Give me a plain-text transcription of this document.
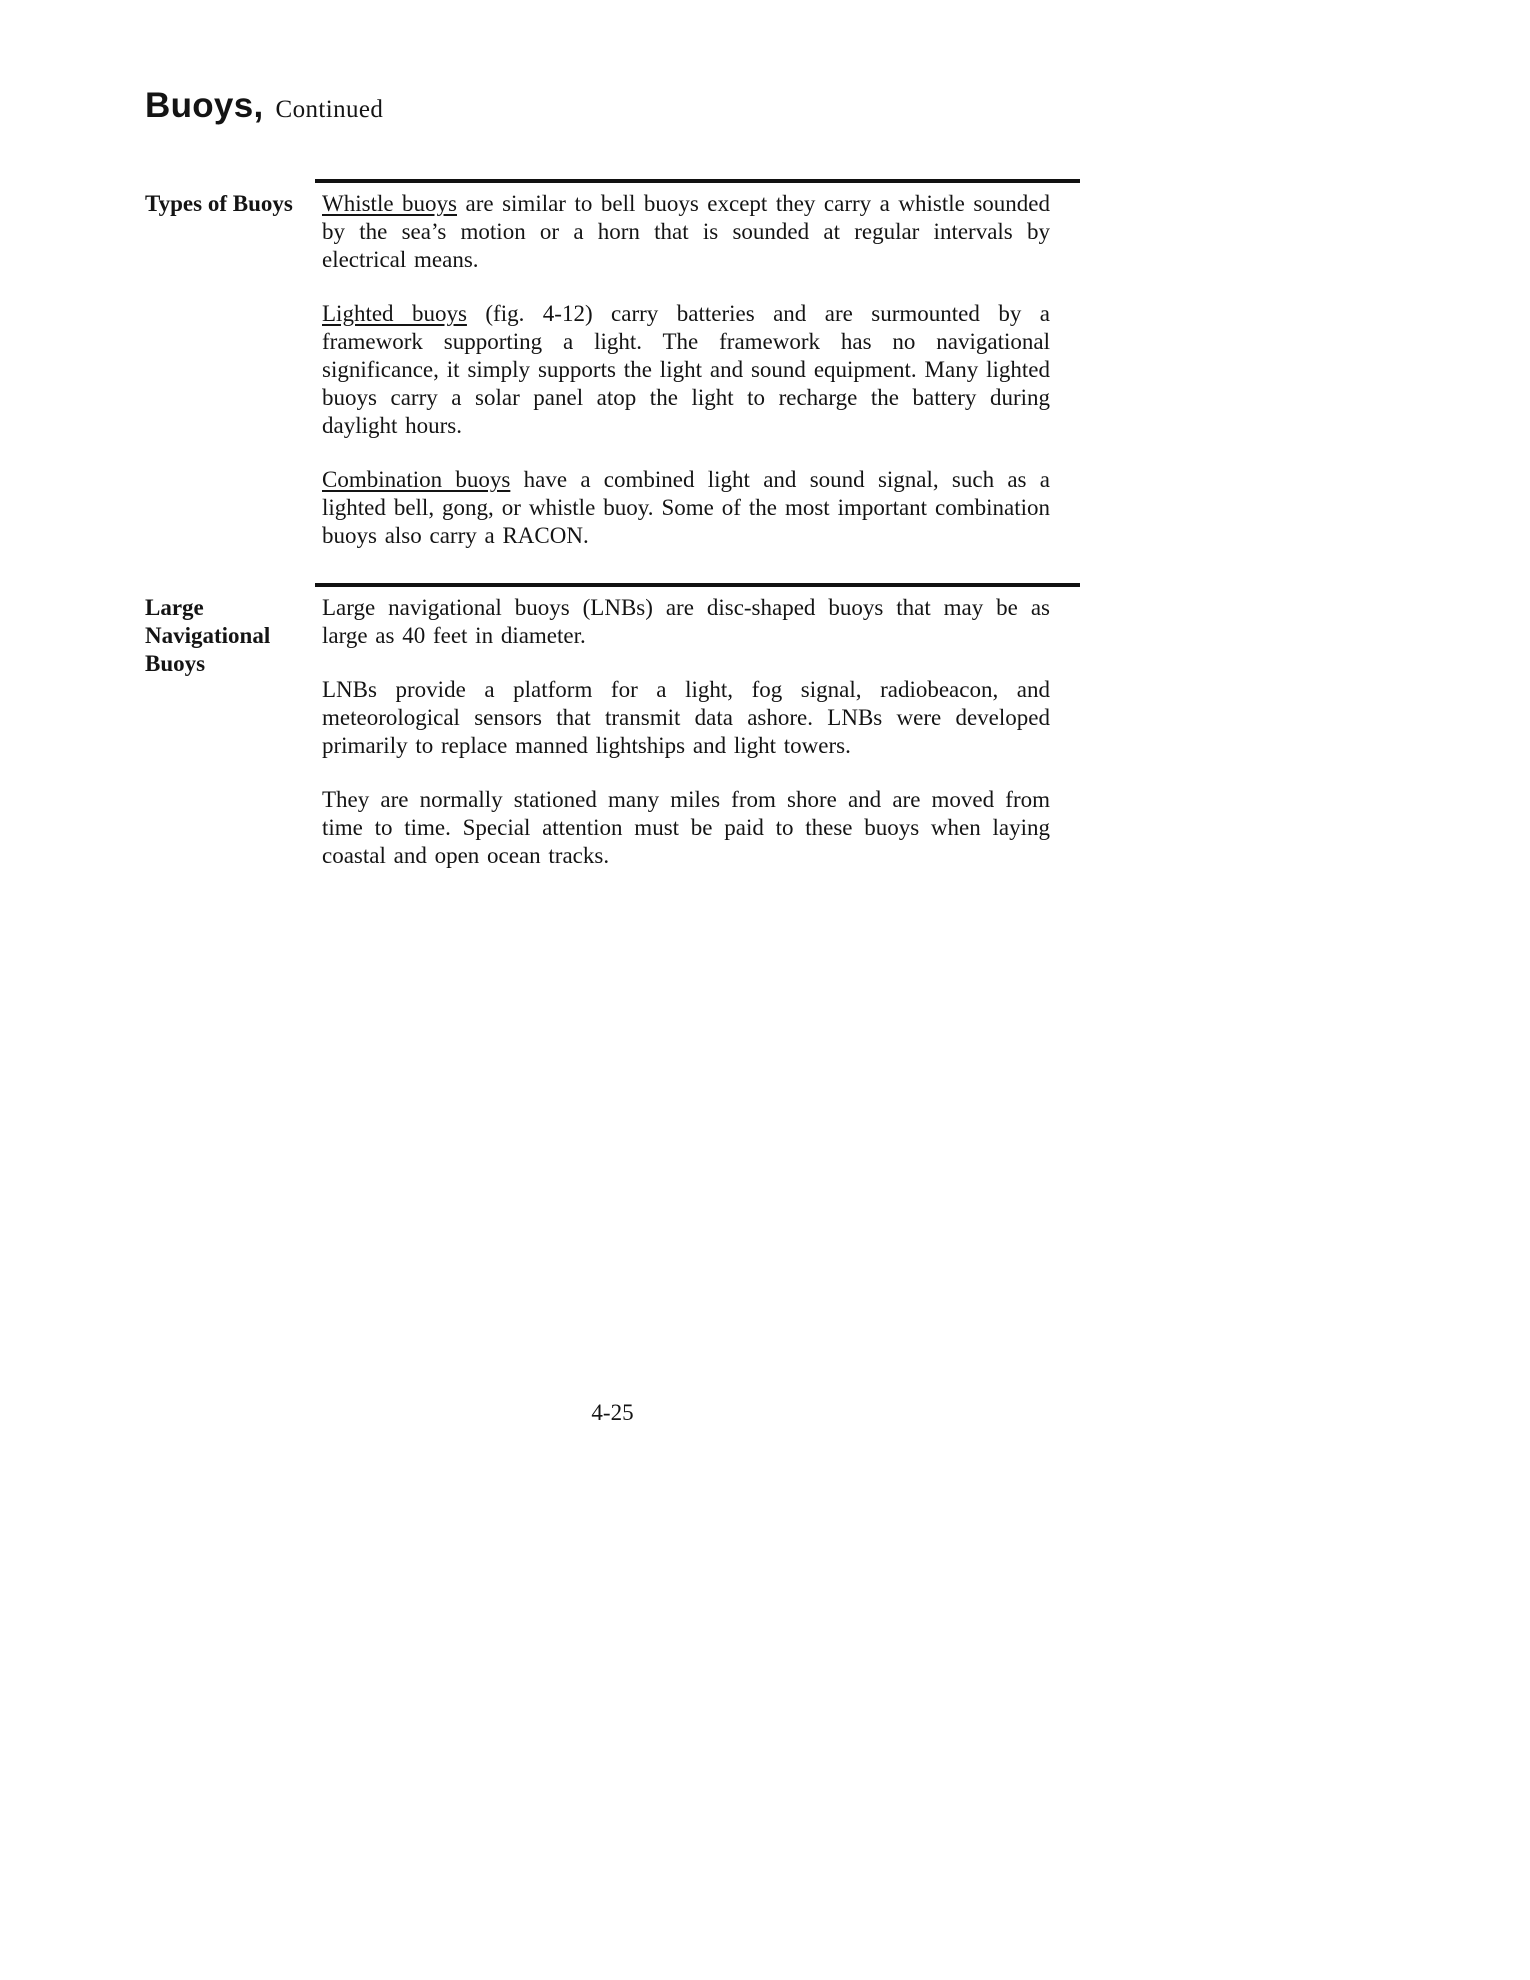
Buoys, Continued
Types of Buoys	Whistle buoys are similar to bell buoys except they carry a whistle sounded by the sea’s motion or a horn that is sounded at regular intervals by electrical means.

Lighted buoys (fig. 4-12) carry batteries and are surmounted by a framework supporting a light. The framework has no navigational significance, it simply supports the light and sound equipment. Many lighted buoys carry a solar panel atop the light to recharge the battery during daylight hours.

Combination buoys have a combined light and sound signal, such as a lighted bell, gong, or whistle buoy. Some of the most important combination buoys also carry a RACON.

Large Navigational Buoys

Large navigational buoys (LNBs) are disc-shaped buoys that may be as large as 40 feet in diameter.

LNBs provide a platform for a light, fog signal, radiobeacon, and meteorological sensors that transmit data ashore. LNBs were developed primarily to replace manned lightships and light towers.

They are normally stationed many miles from shore and are moved from time to time. Special attention must be paid to these buoys when laying coastal and open ocean tracks.

4-25
